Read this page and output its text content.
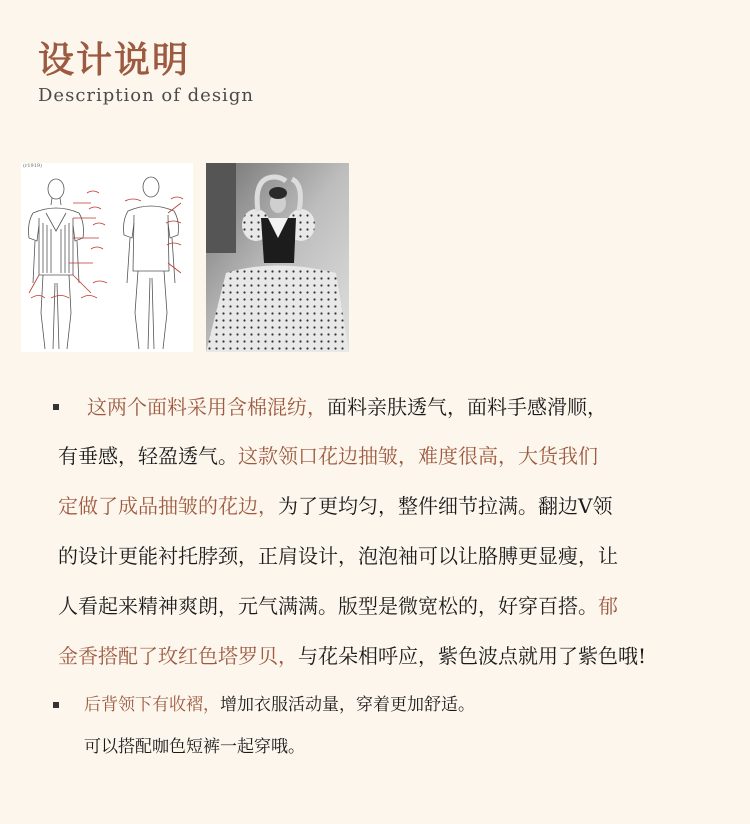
设计说明
Description of design
(r1919)
这两个面料采用含棉混纺，面料亲肤透气，面料手感滑顺，
有垂感，轻盈透气。这款领口花边抽皱，难度很高，大货我们
定做了成品抽皱的花边，为了更均匀，整件细节拉满。翻边V领
的设计更能衬托脖颈，正肩设计，泡泡袖可以让胳膊更显瘦，让
人看起来精神爽朗，元气满满。版型是微宽松的，好穿百搭。郁
金香搭配了玫红色塔罗贝，与花朵相呼应，紫色波点就用了紫色哦!
后背领下有收褶，增加衣服活动量，穿着更加舒适。
可以搭配咖色短裤一起穿哦。
